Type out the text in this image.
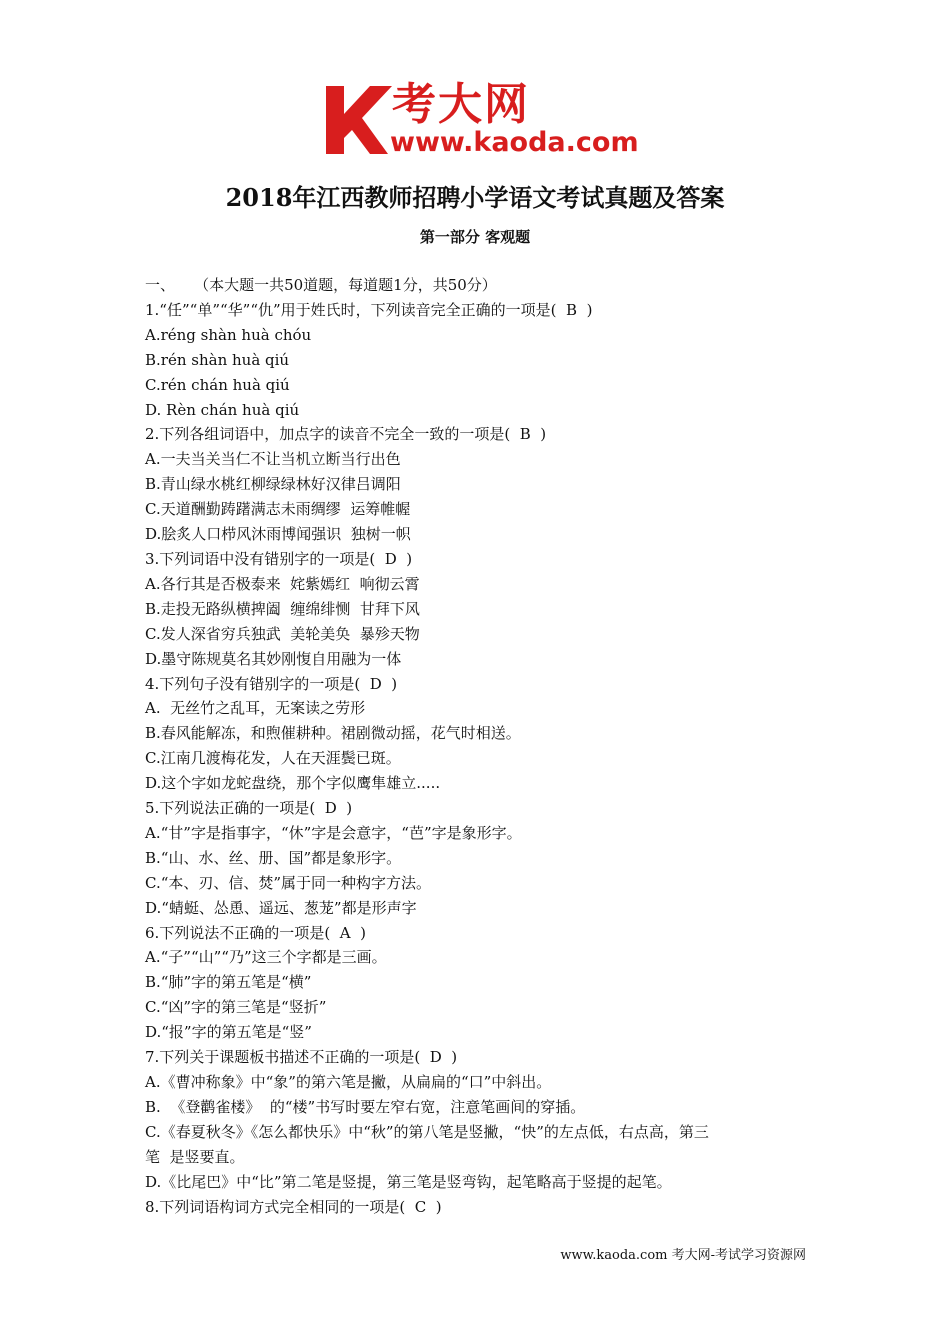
考大网
www.kaoda.com
2018年江西教师招聘小学语文考试真题及答案
第一部分 客观题

一、    （本大题一共50道题，每道题1分，共50分）

1.“任”“单”“华”“仇”用于姓氏时，下列读音完全正确的一项是(  B  )

A.réng shàn huà chóu

B.rén shàn huà qiú

C.rén chán huà qiú

D. Rèn chán huà qiú

2.下列各组词语中，加点字的读音不完全一致的一项是(  B  )

A.一夫当关当仁不让当机立断当行出色

B.青山绿水桃红柳绿绿林好汉律吕调阳

C.天道酬勤踌躇满志未雨绸缪  运筹帷幄

D.脍炙人口栉风沐雨博闻强识  独树一帜

3.下列词语中没有错别字的一项是(  D  )

A.各行其是否极泰来  姹紫嫣红  响彻云霄

B.走投无路纵横捭阖  缠绵绯恻  甘拜下风

C.发人深省穷兵独武  美轮美奂  暴殄天物

D.墨守陈规莫名其妙刚愎自用融为一体

4.下列句子没有错别字的一项是(  D  )

A.  无丝竹之乱耳，无案读之劳形

B.春风能解冻，和煦催耕种。裙剧微动摇，花气时相送。

C.江南几渡梅花发，人在天涯鬓已斑。

D.这个字如龙蛇盘绕，那个字似鹰隼雄立.....

5.下列说法正确的一项是(  D  )

A.“甘”字是指事字，“休”字是会意字，“芭”字是象形字。

B.“山、水、丝、册、国”都是象形字。

C.“本、刃、信、焚”属于同一种构字方法。

D.“蜻蜓、怂恿、遥远、葱茏”都是形声字

6.下列说法不正确的一项是(  A  )

A.“子”“山”“乃”这三个字都是三画。

B.“肺”字的第五笔是“横”

C.“凶”字的第三笔是“竖折”

D.“报”字的第五笔是“竖”

7.下列关于课题板书描述不正确的一项是(  D  )

A.《曹冲称象》中“象”的第六笔是撇，从扁扁的“口”中斜出。

B.  《登鹳雀楼》  的“楼”书写时要左窄右宽，注意笔画间的穿插。

C.《春夏秋冬》《怎么都快乐》中“秋”的第八笔是竖撇，“快”的左点低，右点高，第三

笔  是竖要直。

D.《比尾巴》中“比”第二笔是竖提，第三笔是竖弯钩，起笔略高于竖提的起笔。

8.下列词语构词方式完全相同的一项是(  C  )

www.kaoda.com 考大网-考试学习资源网
